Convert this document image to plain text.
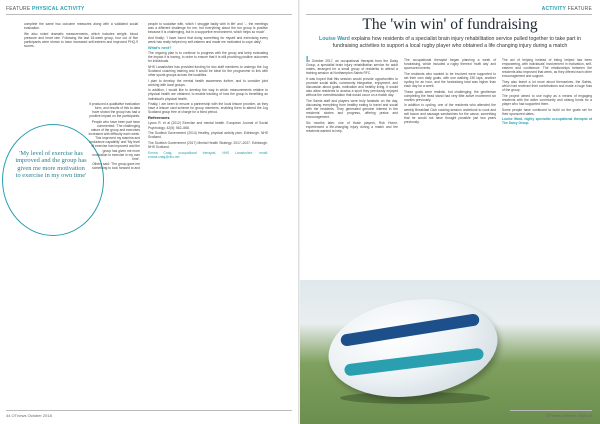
FEATURE PHYSICAL ACTIVITY

complete the same two outcome measures along with a validated social evaluation.

We also noted dramatic measurements, which includes weight, blood pressure and heart rate. Following the last 16-week group, four out of five participants were shown to have increased self-esteem and improved PHQ-9 scores.

'My level of exercise has improved and the group has given me more motivation to exercise in my own time'

It produced a qualitative evaluation form, and results of this to data have shown the group has had a positive impact on the participants.

People who have been part have commented: 'The challenging nature of the group and exercises increased with difficulty each week. This improved my stamina and endurance capability' and 'My level of exercise has improved and the group has given me more motivation to exercise in my own time'.

Others said: 'The group gave me something to look forward to and

people to socialise with, which I struggle badly with in life' and '... the meetings was a different challenge for me, but everything about the fun group is positive because it is challenging, but in a supportive environment, which helps so much'.

And finally: 'I have found that doing something for myself and exercising every week has really helped my self-esteem and made me motivated to cope daily'.

What's next?

The ongoing plan is to continue to progress with the group and keep evaluating the impact it is having, in order to ensure that it is still providing positive outcomes for individuals.

NHS Lanarkshire has provided funding for two staff members to undergo the Jog Scotland coaching training and it would be ideal for the programme to link with other sports groups across the localities.

I plan to develop the mental health awareness further, and to consider joint working with local groups.

In addition, I would like to develop the way in which measurements relative to physical health are obtained, to enable tracking of how the group is benefiting an individual's physical health.

Finally, I am keen to ensure a partnership with the local leisure provider, as they have a leisure card scheme for group members, enabling them to attend the Jog Scotland group free of charge for a fixed period.

References

Lyons R. et al (2012) Exercise and mental health. European Journal of Social Psychology. 42(5): 562–568.

The Scottish Government (2014) Healthy, physical activity plan. Edinburgh. NHS Scotland.

The Scottish Government (2017) Mental Health Strategy: 2017–2027. Edinburgh. NHS Scotland.

Emma Craig, occupational therapist, NHS Lanarkshire. email: emma.craig@nhs.net

44 OTnews October 2018
ACTIVITY FEATURE
The 'win win' of fundraising
Louise Ward explains how residents of a specialist brain injury rehabilitation service pulled together to take part in fundraising activities to support a local rugby player who obtained a life changing injury during a match

In October 2017, an occupational therapist from the Daisy Group, a specialist brain injury rehabilitation service for adult males, arranged for a small group of residents to attend a training session at Northampton Saints RFC.

It was hoped that this session would provide opportunities to promote social skills, community integration, enjoyment, and discussion about goals, motivation and healthy living. It would also allow residents to access a sport they previously enjoyed without the overstimulation that would occur on a match day.

The Saints staff and players were truly fantastic on the day, discussing everything from healthy eating to travel and social with the residents. They generated genuine interest in the residents' stories and progress, offering praise and encouragement.

Six months later, one of those players, Rob Horne, experienced a life-changing injury during a match and the residents wanted to help.

The occupational therapist began planning a week of fundraising, which included a rugby themed 'mufti day' and sponsored events.

The residents who wanted to be involved were supported to set their own daily goals, with one walking 150 laps, another cycling for an hour, and the fundraising total was higher than each day for a week.

These goals were realistic, but challenging; the gentleman completing the head stand had very little active movement six months previously.

In addition to cycling, one of the residents who attended the weekly Breakfast Club cooking session undertook to cook and sell bacon and sausage sandwiches for the cause, something that he would not have thought possible just two years previously.

The act of helping instead of being helped has been empowering, with individuals' involvement in motivation, self-esteem and confidence. The relationships between the residents also improved that week, as they offered each other encouragement and support.

They also learnt a lot more about themselves, the Saints, which had received their contributions and made a huge fuss of the group.

The project aimed to use rugby as a means of engaging residents with the wider community and raising funds for a player who had supported them.

Some people have continued to build on the goals set for their sponsored dates.

Louise Ward, highly specialist occupational therapist at The Daisy Group.

OTnews October 2018 45
